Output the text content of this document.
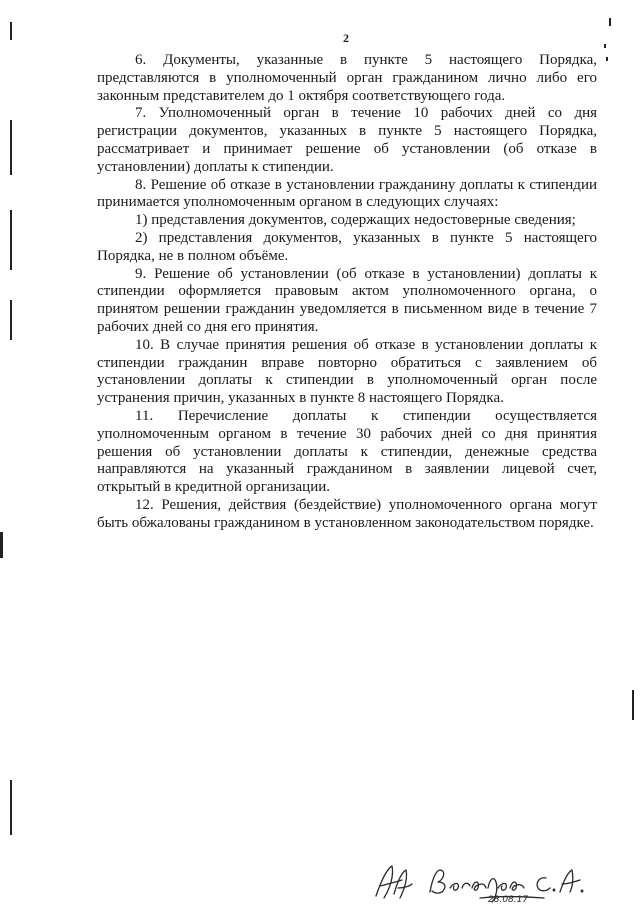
2

6. Документы, указанные в пункте 5 настоящего Порядка, представляются в уполномоченный орган гражданином лично либо его законным представителем до 1 октября соответствующего года.

7. Уполномоченный орган в течение 10 рабочих дней со дня регистрации документов, указанных в пункте 5 настоящего Порядка, рассматривает и принимает решение об установлении (об отказе в установлении) доплаты к стипендии.

8. Решение об отказе в установлении гражданину доплаты к стипендии принимается уполномоченным органом в следующих случаях:

1) представления документов, содержащих недостоверные сведения;

2) представления документов, указанных в пункте 5 настоящего Порядка, не в полном объёме.

9. Решение об установлении (об отказе в установлении) доплаты к стипендии оформляется правовым актом уполномоченного органа, о принятом решении гражданин уведомляется в письменном виде в течение 7 рабочих дней со дня его принятия.

10. В случае принятия решения об отказе в установлении доплаты к стипендии гражданин вправе повторно обратиться с заявлением об установлении доплаты к стипендии в уполномоченный орган после устранения причин, указанных в пункте 8 настоящего Порядка.

11. Перечисление доплаты к стипендии осуществляется уполномоченным органом в течение 30 рабочих дней со дня принятия решения об установлении доплаты к стипендии, денежные средства направляются на указанный гражданином в заявлении лицевой счет, открытый в кредитной организации.

12. Решения, действия (бездействие) уполномоченного органа могут быть обжалованы гражданином в установленном законодательством порядке.

28.08.17
